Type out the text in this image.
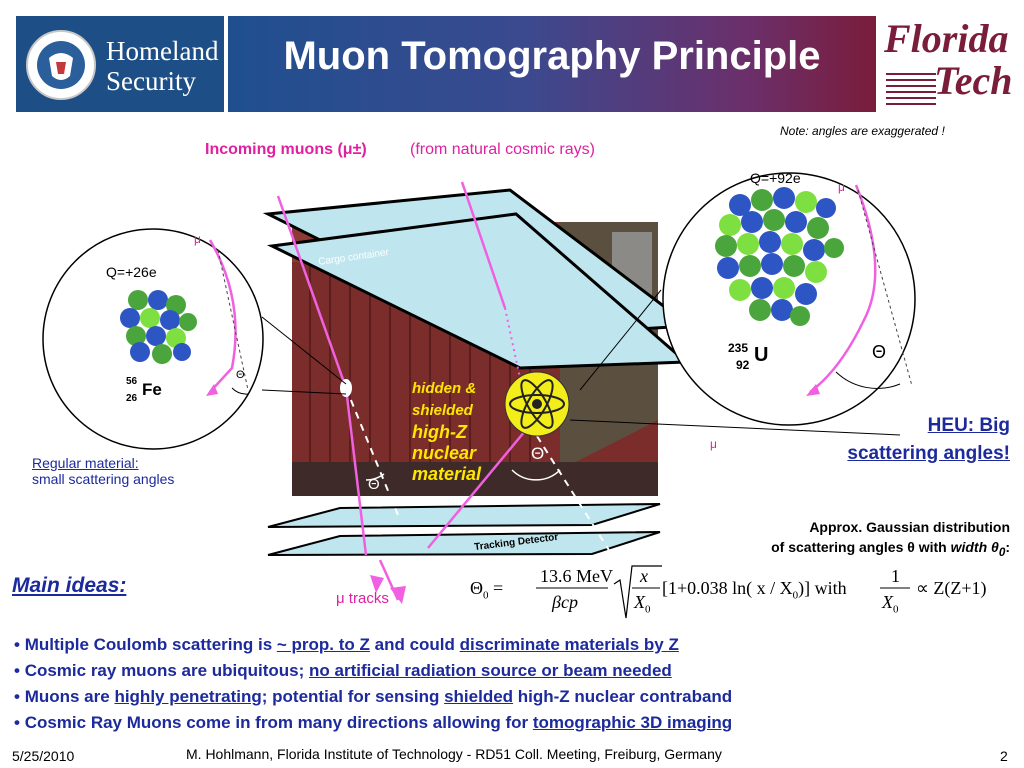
Homeland
Security
Muon Tomography Principle	Florida
Tech
Note: angles are exaggerated !
Incoming muons (μ±)	(from natural cosmic rays)
Cargo container
Tracking Detector
hidden &
shielded
high-Z
nuclear
material
Θ
Θ
Q=+26e
μ
Θ
56
26 Fe
Q=+92e
μ
Θ
235
92 U
μ
μ tracks
Regular material:
small scattering angles
HEU: Big
scattering angles!
Approx. Gaussian distribution
of scattering angles θ with width $\theta_0$:
$\Theta_0$ =
13.6 MeV
βcp
x
$X_0$
[1+0.038 ln( x / $X_0$)] with
1
$X_0$
∝ Z(Z+1)
Main ideas:
• Multiple Coulomb scattering is ~ prop. to Z and could discriminate materials by Z
• Cosmic ray muons are ubiquitous; no artificial radiation source or beam needed
• Muons are highly penetrating; potential for sensing shielded high-Z nuclear contraband
• Cosmic Ray Muons come in from many directions allowing for tomographic 3D imaging
5/25/2010	M. Hohlmann, Florida Institute of Technology - RD51 Coll. Meeting, Freiburg, Germany	2
